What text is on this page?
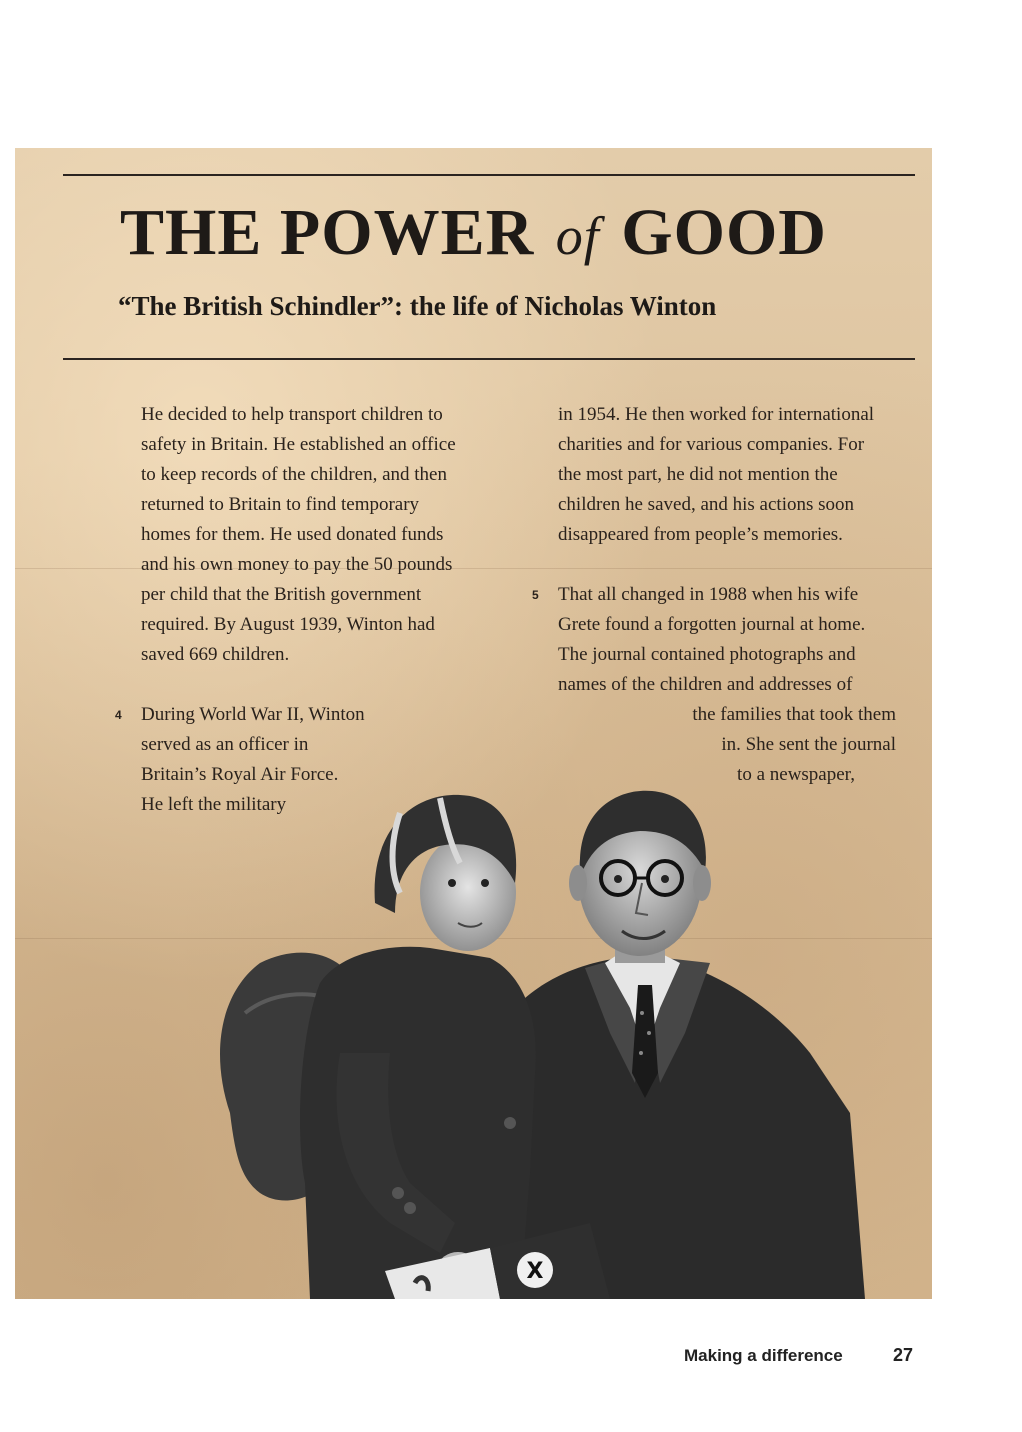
THE POWER of GOOD
“The British Schindler”: the life of Nicholas Winton

He decided to help transport children to
safety in Britain. He established an office
to keep records of the children, and then
returned to Britain to find temporary
homes for them. He used donated funds
and his own money to pay the 50 pounds
per child that the British government
required. By August 1939, Winton had
saved 669 children.

4 During World War II, Winton
served as an officer in
Britain’s Royal Air Force.
He left the military

in 1954. He then worked for international
charities and for various companies. For
the most part, he did not mention the
children he saved, and his actions soon
disappeared from people’s memories.

5 That all changed in 1988 when his wife
Grete found a forgotten journal at home.
The journal contained photographs and
names of the children and addresses of
the families that took them
in. She sent the journal
to a newspaper,

X
Making a difference	27
